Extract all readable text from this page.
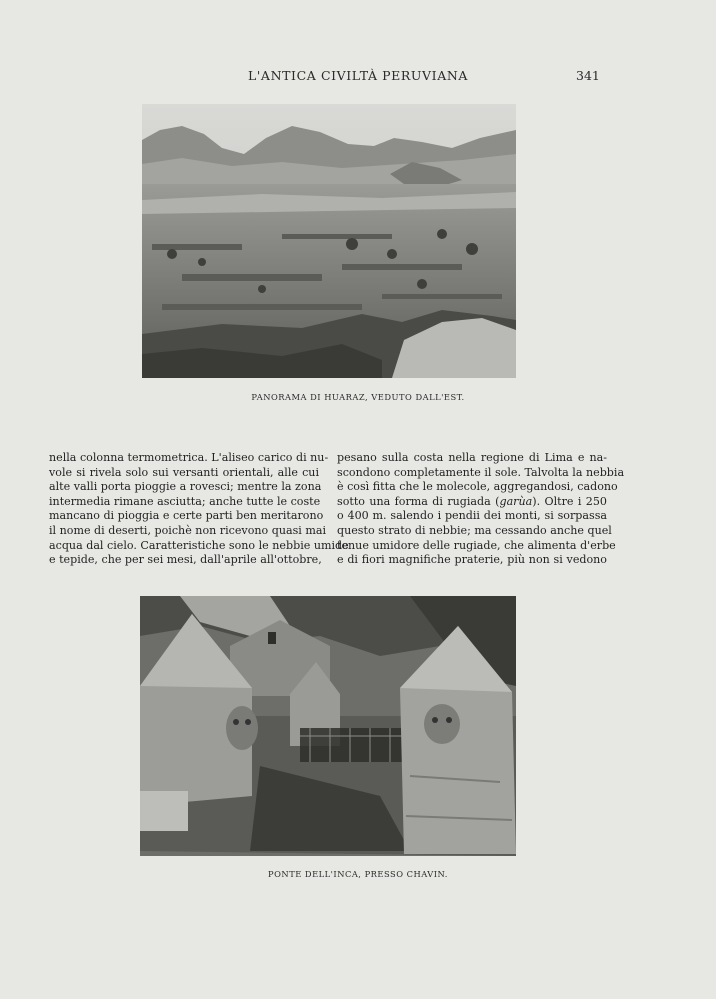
L'ANTICA CIVILTÀ PERUVIANA	341
PANORAMA DI HUARAZ, VEDUTO DALL'EST.
nella colonna termometrica. L'aliseo carico di nu-
vole si rivela solo sui versanti orientali, alle cui
alte valli porta pioggie a rovesci; mentre la zona
intermedia rimane asciutta; anche tutte le coste
mancano di pioggia e certe parti ben meritarono
il nome di deserti, poichè non ricevono quasi mai
acqua dal cielo. Caratteristiche sono le nebbie umide
e tepide, che per sei mesi, dall'aprile all'ottobre,
pesano sulla costa nella regione di Lima e na-
scondono completamente il sole. Talvolta la nebbia
è così fitta che le molecole, aggregandosi, cadono
sotto una forma di rugiada (garùa). Oltre i 250
o 400 m. salendo i pendii dei monti, si sorpassa
questo strato di nebbie; ma cessando anche quel
tenue umidore delle rugiade, che alimenta d'erbe
e di fiori magnifiche praterie, più non si vedono
PONTE DELL'INCA, PRESSO CHAVIN.
